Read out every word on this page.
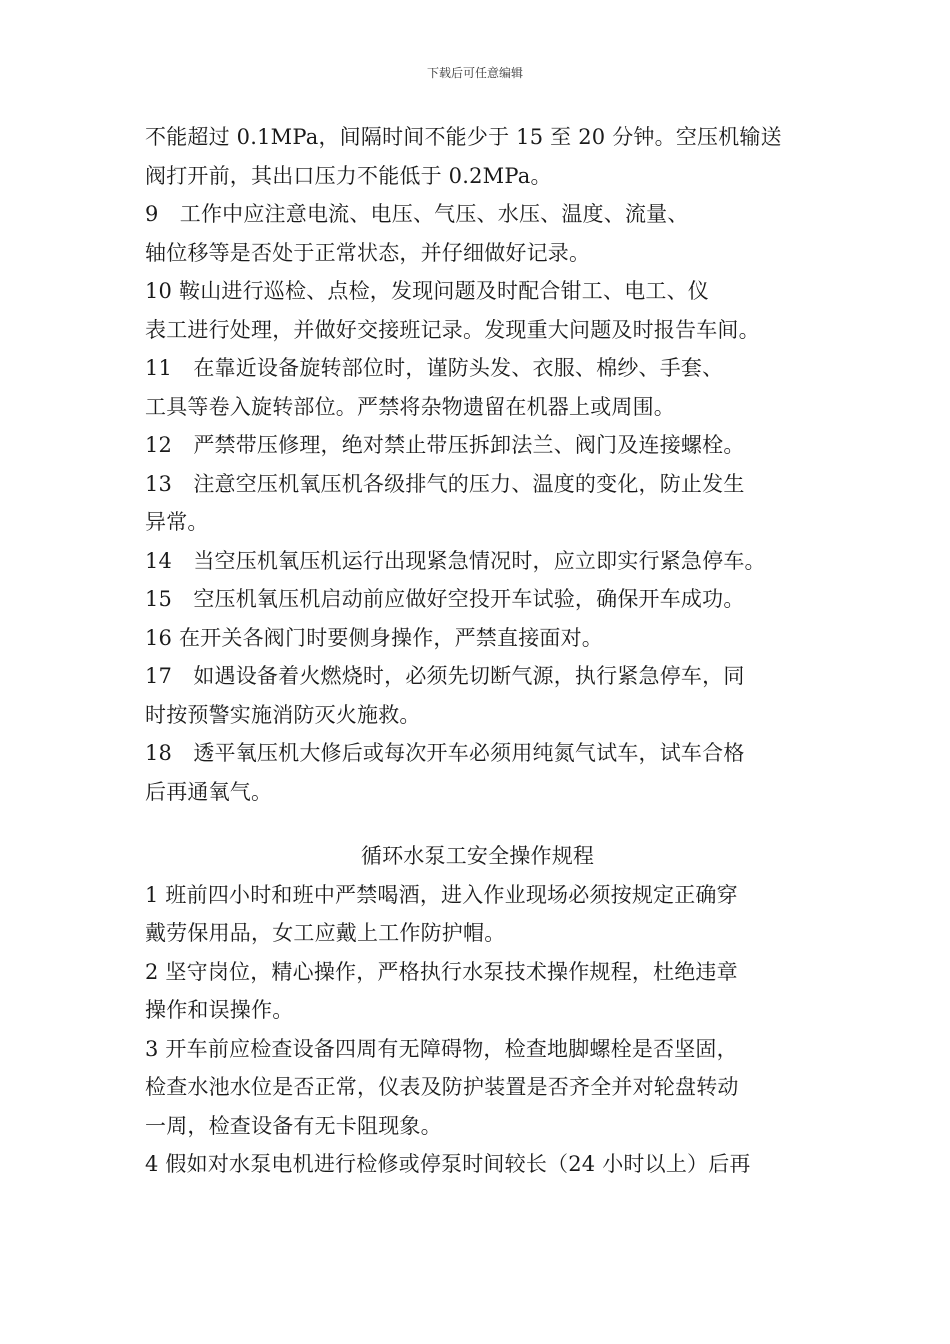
下载后可任意编辑
不能超过 0.1MPa，间隔时间不能少于 15 至 20 分钟。空压机输送
阀打开前，其出口压力不能低于 0.2MPa。
9　工作中应注意电流、电压、气压、水压、温度、流量、
轴位移等是否处于正常状态，并仔细做好记录。
10 鞍山进行巡检、点检，发现问题及时配合钳工、电工、仪
表工进行处理，并做好交接班记录。发现重大问题及时报告车间。
11　在靠近设备旋转部位时，谨防头发、衣服、棉纱、手套、
工具等卷入旋转部位。严禁将杂物遗留在机器上或周围。
12　严禁带压修理，绝对禁止带压拆卸法兰、阀门及连接螺栓。
13　注意空压机氧压机各级排气的压力、温度的变化，防止发生
异常。
14　当空压机氧压机运行出现紧急情况时，应立即实行紧急停车。
15　空压机氧压机启动前应做好空投开车试验，确保开车成功。
16 在开关各阀门时要侧身操作，严禁直接面对。
17　如遇设备着火燃烧时，必须先切断气源，执行紧急停车，同
时按预警实施消防灭火施救。
18　透平氧压机大修后或每次开车必须用纯氮气试车，试车合格
后再通氧气。
循环水泵工安全操作规程
1 班前四小时和班中严禁喝酒，进入作业现场必须按规定正确穿
戴劳保用品，女工应戴上工作防护帽。
2 坚守岗位，精心操作，严格执行水泵技术操作规程，杜绝违章
操作和误操作。
3 开车前应检查设备四周有无障碍物，检查地脚螺栓是否坚固，
检查水池水位是否正常，仪表及防护装置是否齐全并对轮盘转动
一周，检查设备有无卡阻现象。
4 假如对水泵电机进行检修或停泵时间较长（24 小时以上）后再
